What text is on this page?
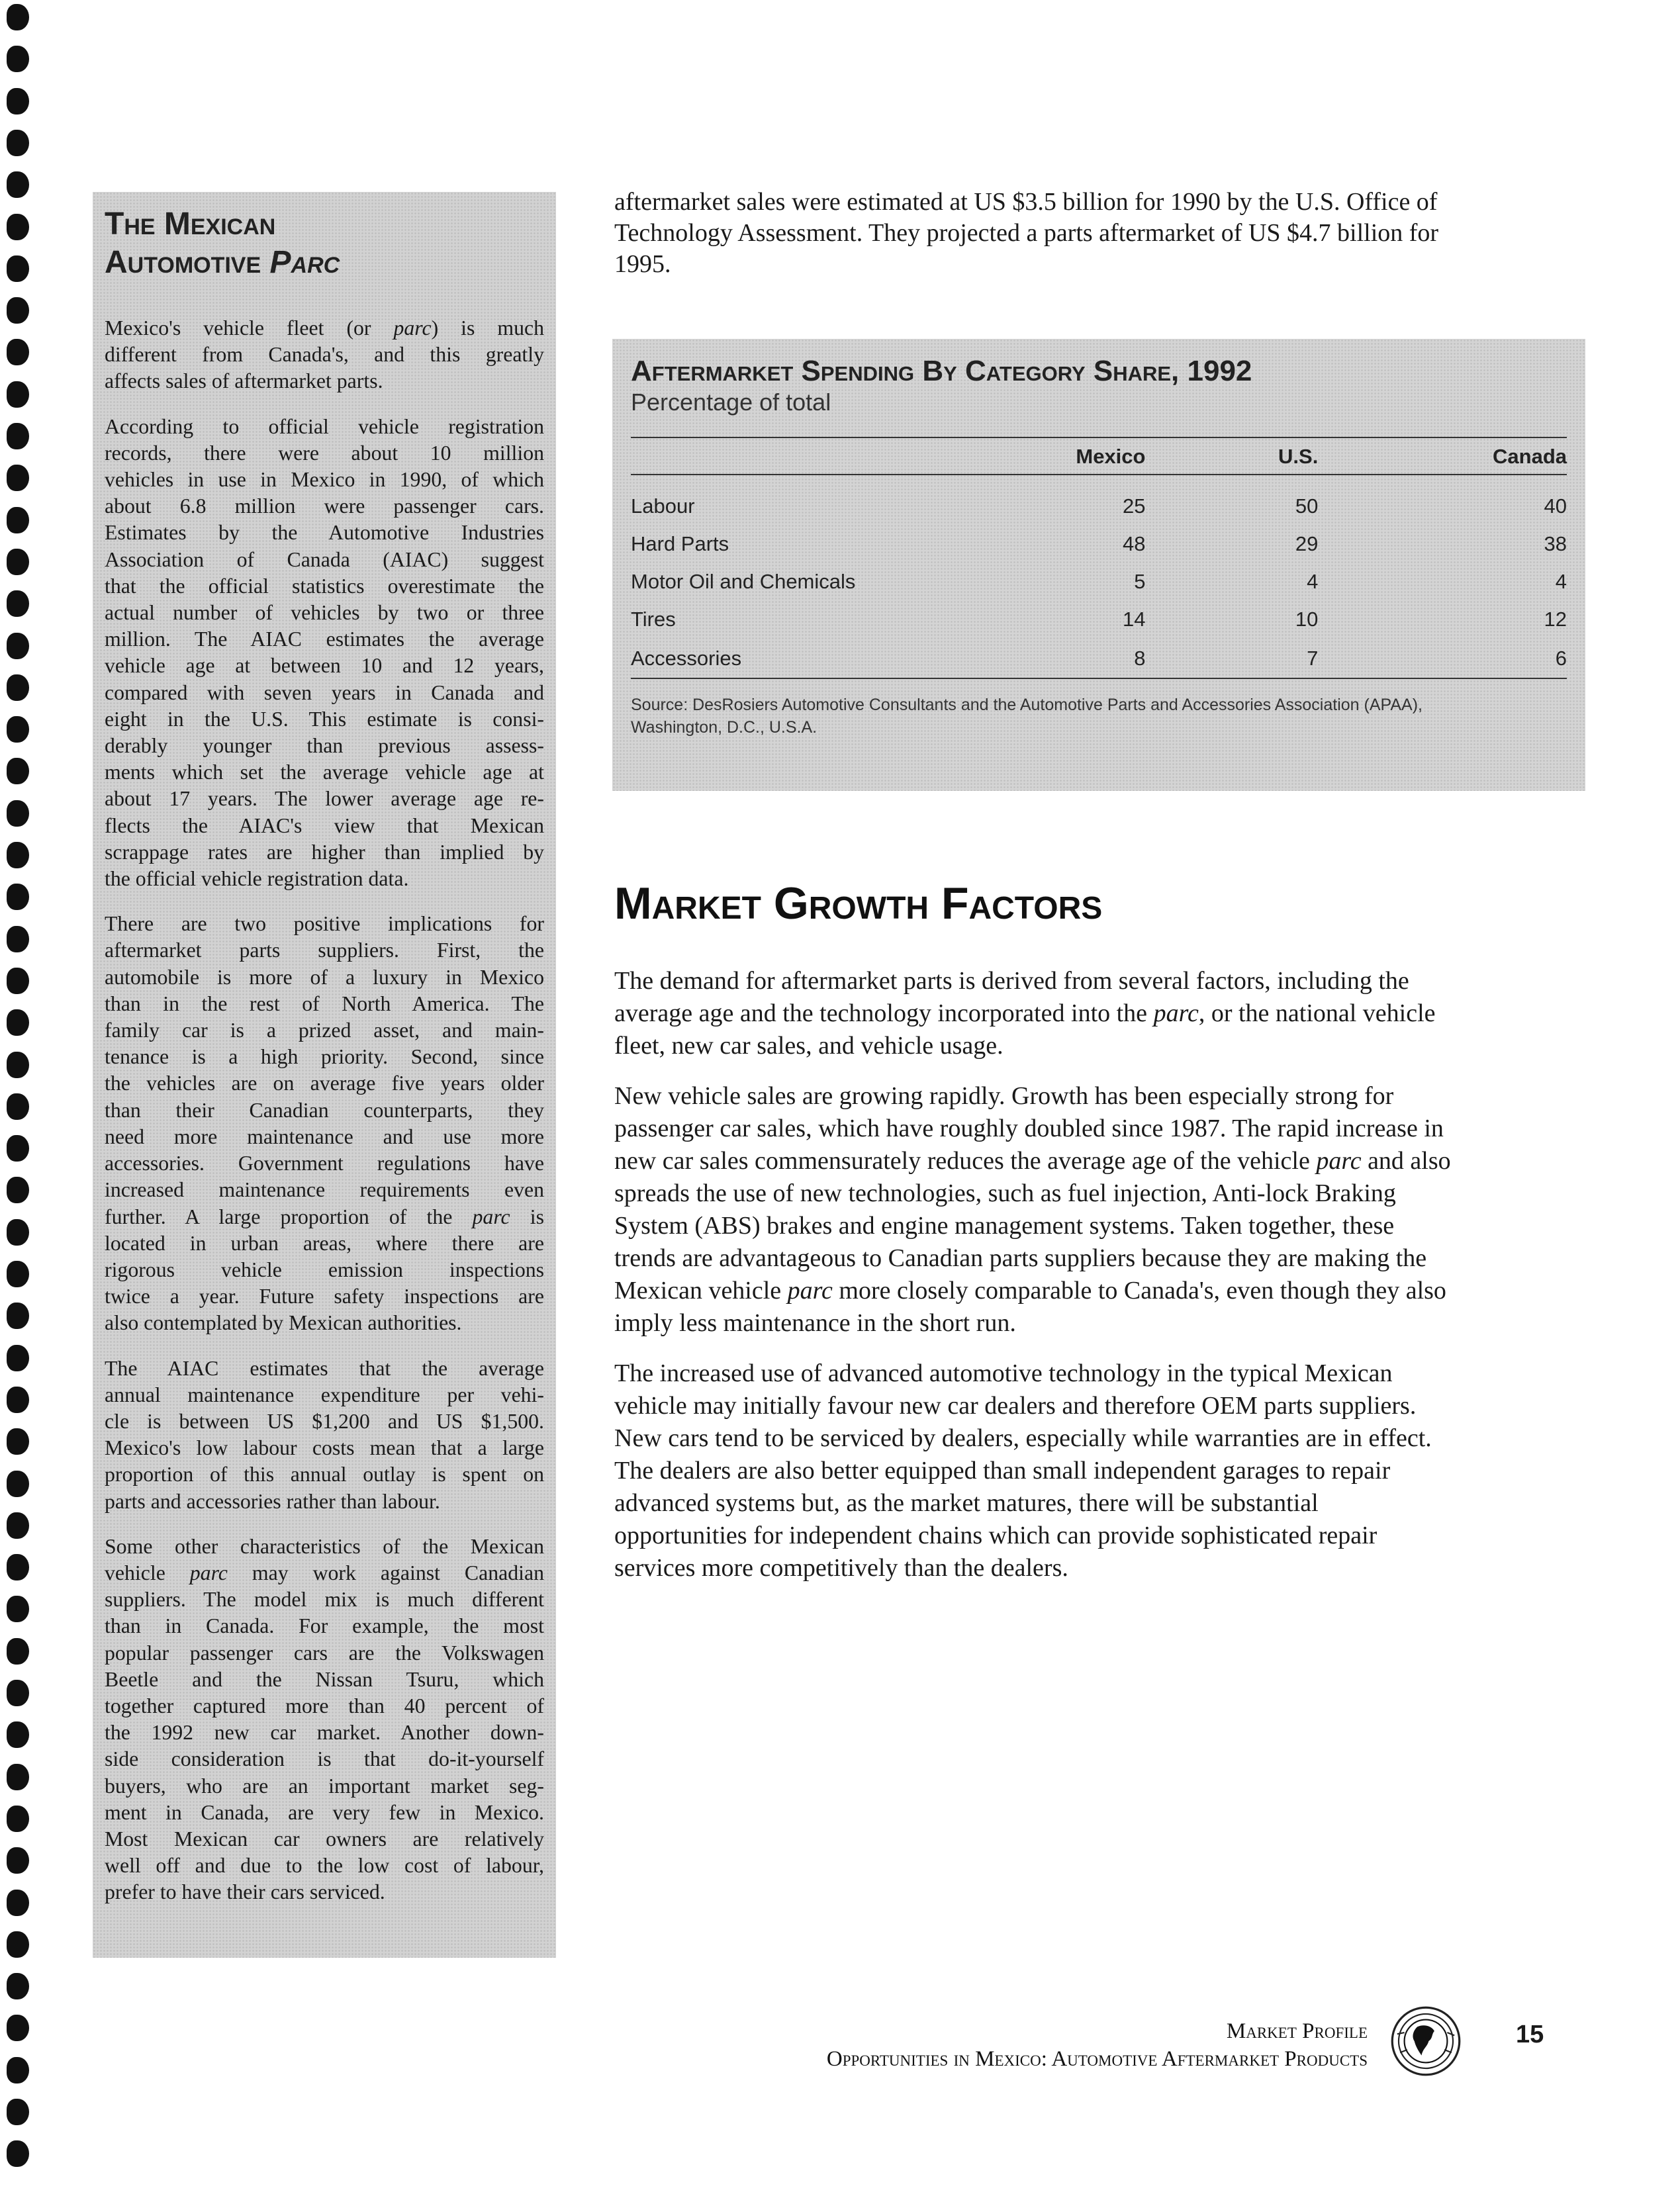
The Mexican
Automotive Parc

Mexico's vehicle fleet (or parc) is much
different from Canada's, and this greatly
affects sales of aftermarket parts.

According to official vehicle registration
records, there were about 10 million
vehicles in use in Mexico in 1990, of which
about 6.8 million were passenger cars.
Estimates by the Automotive Industries
Association of Canada (AIAC) suggest
that the official statistics overestimate the
actual number of vehicles by two or three
million. The AIAC estimates the average
vehicle age at between 10 and 12 years,
compared with seven years in Canada and
eight in the U.S. This estimate is consi-
derably younger than previous assess-
ments which set the average vehicle age at
about 17 years. The lower average age re-
flects the AIAC's view that Mexican
scrappage rates are higher than implied by
the official vehicle registration data.

There are two positive implications for
aftermarket parts suppliers. First, the
automobile is more of a luxury in Mexico
than in the rest of North America. The
family car is a prized asset, and main-
tenance is a high priority. Second, since
the vehicles are on average five years older
than their Canadian counterparts, they
need more maintenance and use more
accessories. Government regulations have
increased maintenance requirements even
further. A large proportion of the parc is
located in urban areas, where there are
rigorous vehicle emission inspections
twice a year. Future safety inspections are
also contemplated by Mexican authorities.

The AIAC estimates that the average
annual maintenance expenditure per vehi-
cle is between US $1,200 and US $1,500.
Mexico's low labour costs mean that a large
proportion of this annual outlay is spent on
parts and accessories rather than labour.

Some other characteristics of the Mexican
vehicle parc may work against Canadian
suppliers. The model mix is much different
than in Canada. For example, the most
popular passenger cars are the Volkswagen
Beetle and the Nissan Tsuru, which
together captured more than 40 percent of
the 1992 new car market. Another down-
side consideration is that do-it-yourself
buyers, who are an important market seg-
ment in Canada, are very few in Mexico.
Most Mexican car owners are relatively
well off and due to the low cost of labour,
prefer to have their cars serviced.

aftermarket sales were estimated at US $3.5 billion for 1990 by the U.S. Office of
Technology Assessment. They projected a parts aftermarket of US $4.7 billion for
1995.
Aftermarket Spending By Category Share, 1992

Percentage of total

	Mexico	U.S.	Canada
Labour	25	50	40
Hard Parts	48	29	38
Motor Oil and Chemicals	5	4	4
Tires	14	10	12
Accessories	8	7	6
Source: DesRosiers Automotive Consultants and the Automotive Parts and Accessories Association (APAA),
Washington, D.C., U.S.A.
Market Growth Factors

The demand for aftermarket parts is derived from several factors, including the
average age and the technology incorporated into the parc, or the national vehicle
fleet, new car sales, and vehicle usage.

New vehicle sales are growing rapidly. Growth has been especially strong for
passenger car sales, which have roughly doubled since 1987. The rapid increase in
new car sales commensurately reduces the average age of the vehicle parc and also
spreads the use of new technologies, such as fuel injection, Anti-lock Braking
System (ABS) brakes and engine management systems. Taken together, these
trends are advantageous to Canadian parts suppliers because they are making the
Mexican vehicle parc more closely comparable to Canada's, even though they also
imply less maintenance in the short run.

The increased use of advanced automotive technology in the typical Mexican
vehicle may initially favour new car dealers and therefore OEM parts suppliers.
New cars tend to be serviced by dealers, especially while warranties are in effect.
The dealers are also better equipped than small independent garages to repair
advanced systems but, as the market matures, there will be substantial
opportunities for independent chains which can provide sophisticated repair
services more competitively than the dealers.

Market Profile
Opportunities in Mexico: Automotive Aftermarket Products
15
